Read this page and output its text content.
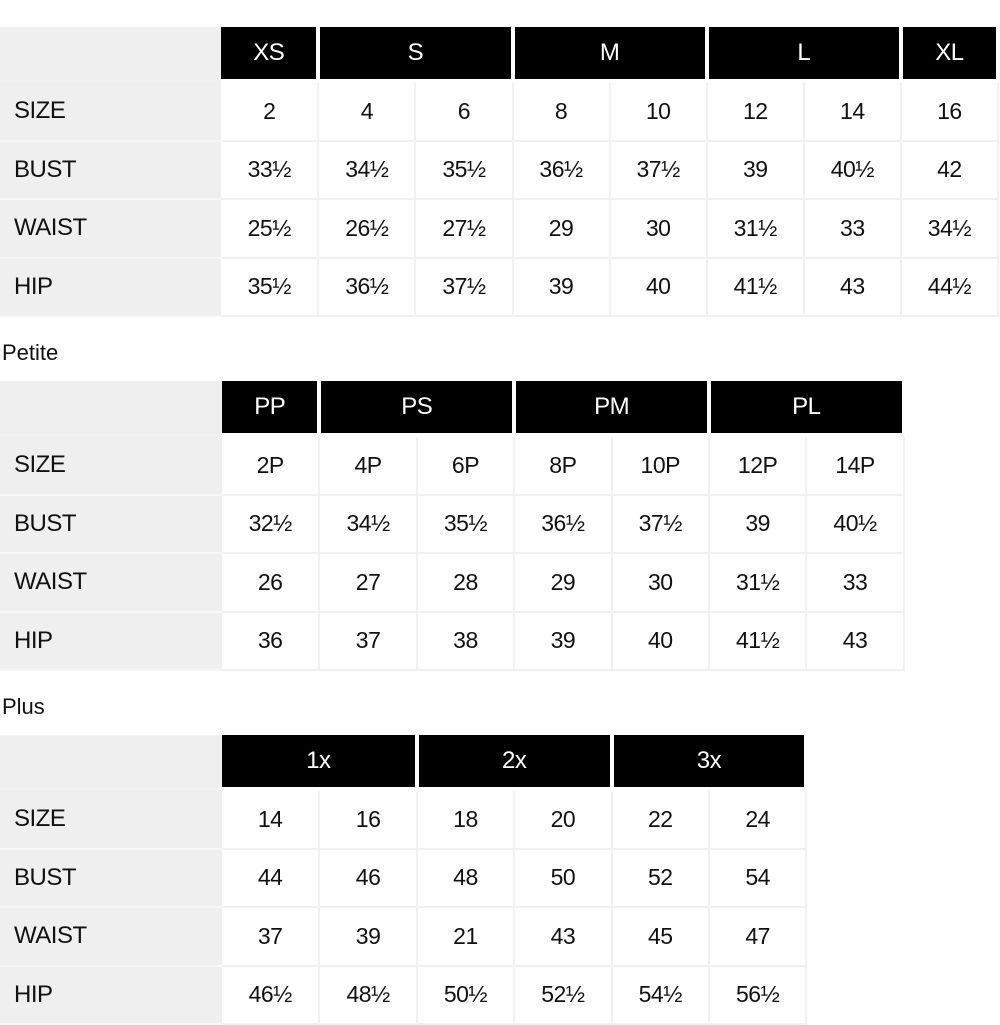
	XS	S		M		L		XL
SIZE	2	4	6	8	10	12	14	16
BUST	33½	34½	35½	36½	37½	39	40½	42
WAIST	25½	26½	27½	29	30	31½	33	34½
HIP	35½	36½	37½	39	40	41½	43	44½
Petite
	PP	PS		PM		PL	
SIZE	2P	4P	6P	8P	10P	12P	14P
BUST	32½	34½	35½	36½	37½	39	40½
WAIST	26	27	28	29	30	31½	33
HIP	36	37	38	39	40	41½	43
Plus
	1x		2x		3x	
SIZE	14	16	18	20	22	24
BUST	44	46	48	50	52	54
WAIST	37	39	21	43	45	47
HIP	46½	48½	50½	52½	54½	56½
